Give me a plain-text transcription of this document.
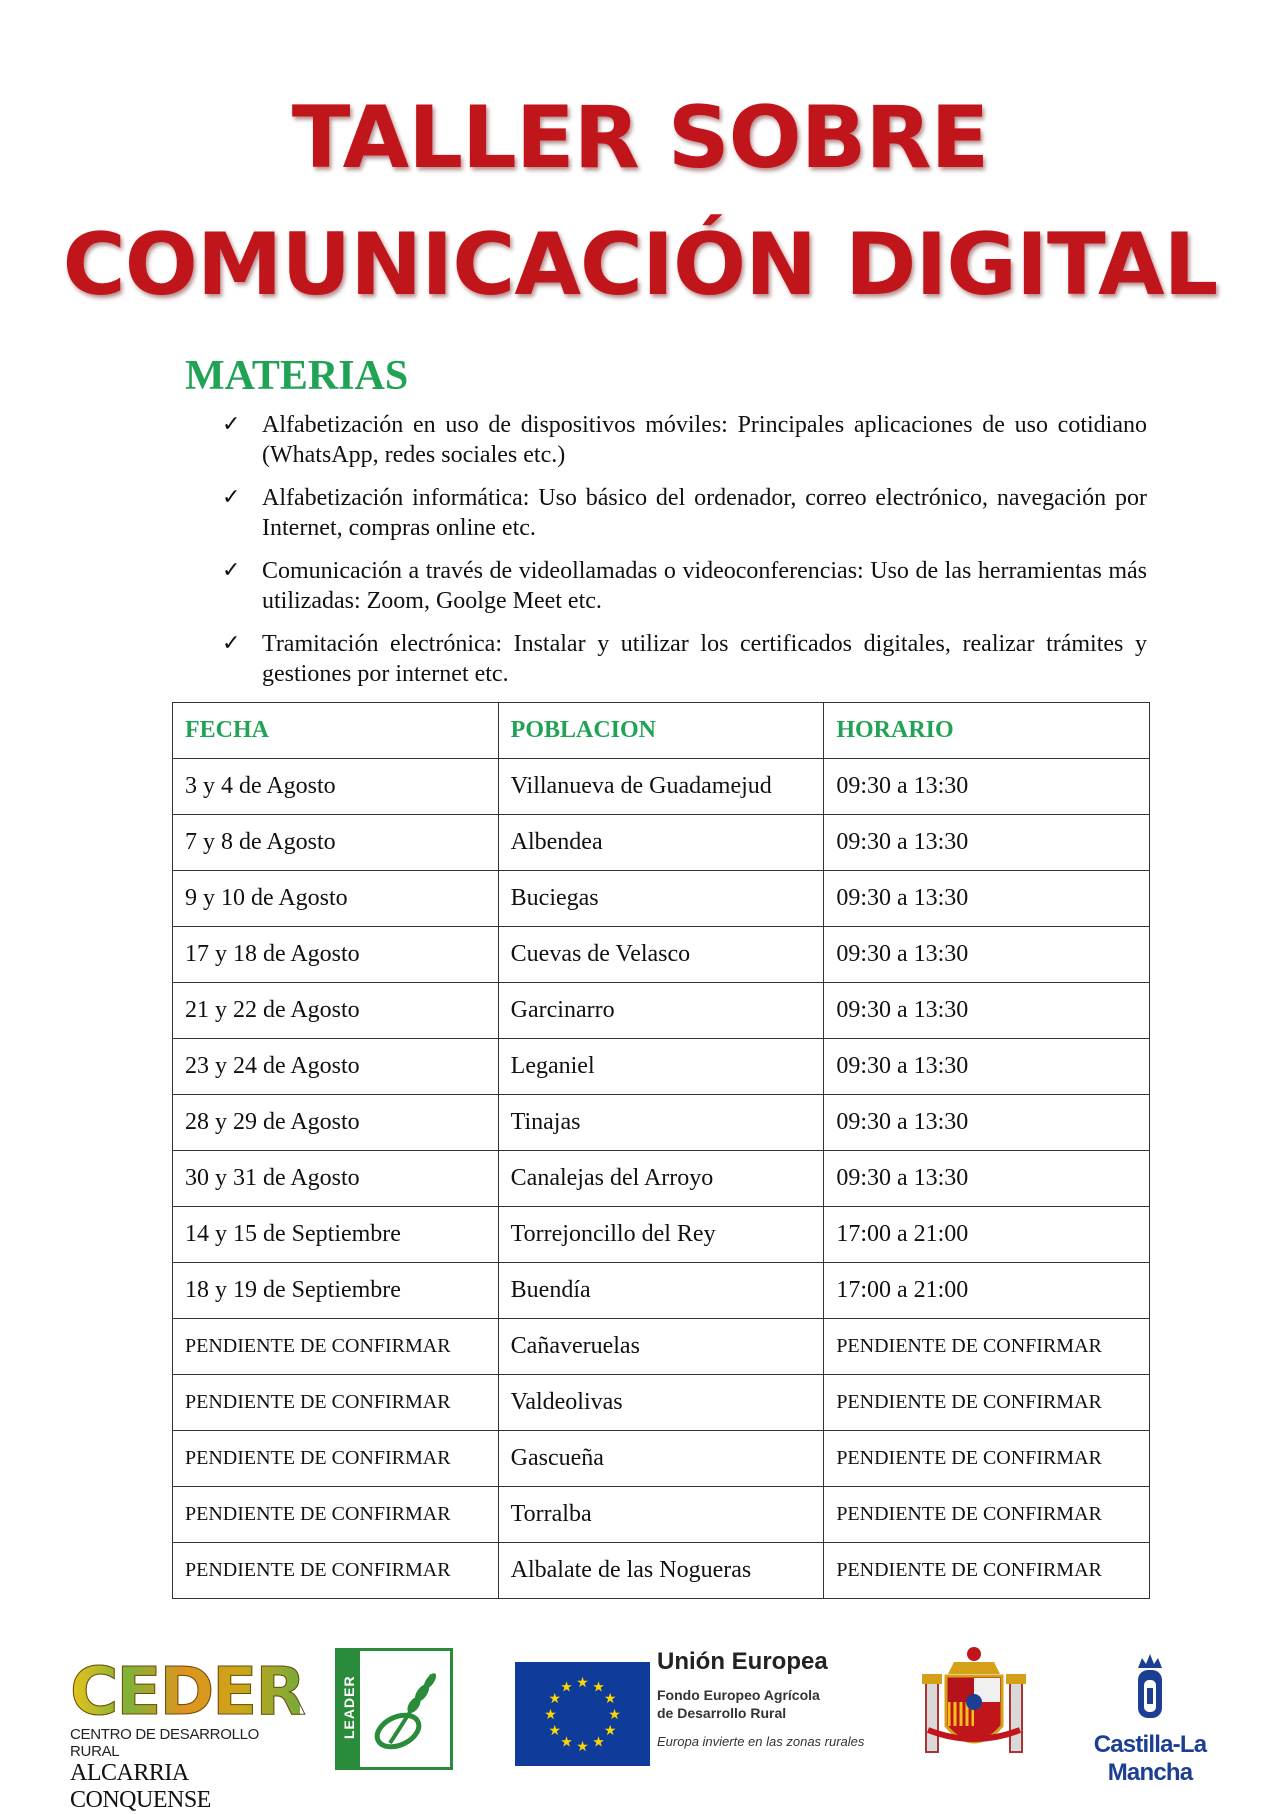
TALLER SOBRE
COMUNICACIÓN DIGITAL
MATERIAS
✓ Alfabetización en uso de dispositivos móviles: Principales aplicaciones de uso cotidiano (WhatsApp, redes sociales etc.)
✓ Alfabetización informática: Uso básico del ordenador, correo electrónico, navegación por Internet, compras online etc.
✓ Comunicación a través de videollamadas o videoconferencias: Uso de las herramientas más utilizadas: Zoom, Goolge Meet etc.
✓ Tramitación electrónica: Instalar y utilizar los certificados digitales, realizar trámites y gestiones por internet etc.
FECHA	POBLACION	HORARIO
3 y 4 de Agosto	Villanueva de Guadamejud	09:30 a 13:30
7 y 8 de Agosto	Albendea	09:30 a 13:30
9 y 10 de Agosto	Buciegas	09:30 a 13:30
17 y 18 de Agosto	Cuevas de Velasco	09:30 a 13:30
21 y 22 de Agosto	Garcinarro	09:30 a 13:30
23 y 24 de Agosto	Leganiel	09:30 a 13:30
28 y 29 de Agosto	Tinajas	09:30 a 13:30
30 y 31 de Agosto	Canalejas del Arroyo	09:30 a 13:30
14 y 15 de Septiembre	Torrejoncillo del Rey	17:00 a 21:00
18 y 19 de Septiembre	Buendía	17:00 a 21:00
PENDIENTE DE CONFIRMAR	Cañaveruelas	PENDIENTE DE CONFIRMAR
PENDIENTE DE CONFIRMAR	Valdeolivas	PENDIENTE DE CONFIRMAR
PENDIENTE DE CONFIRMAR	Gascueña	PENDIENTE DE CONFIRMAR
PENDIENTE DE CONFIRMAR	Torralba	PENDIENTE DE CONFIRMAR
PENDIENTE DE CONFIRMAR	Albalate de las Nogueras	PENDIENTE DE CONFIRMAR
CEDER
CENTRO DE DESARROLLO RURAL
ALCARRIA CONQUENSE
LEADER	★
★
★
★
★
★
★
★
★ ★ ★
★
Unión Europea
Fondo Europeo Agrícola
de Desarrollo Rural
Europa invierte en las zonas rurales	Castilla-La Mancha
